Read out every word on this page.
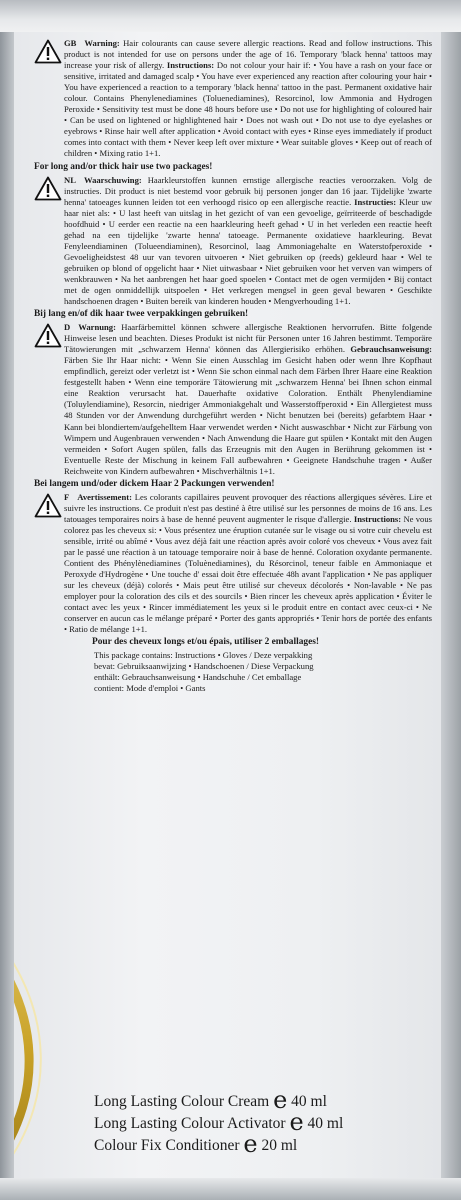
GB Warning: Hair colourants can cause severe allergic reactions. Read and follow instructions. This product is not intended for use on persons under the age of 16. Temporary 'black henna' tattoos may increase your risk of allergy. Instructions: Do not colour your hair if: • You have a rash on your face or sensitive, irritated and damaged scalp • You have ever experienced any reaction after colouring your hair • You have experienced a reaction to a temporary 'black henna' tattoo in the past. Permanent oxidative hair colour. Contains Phenylenediamines (Toluenediamines), Resorcinol, low Ammonia and Hydrogen Peroxide • Sensitivity test must be done 48 hours before use • Do not use for highlighting of coloured hair • Can be used on lightened or highlightened hair • Does not wash out • Do not use to dye eyelashes or eyebrows • Rinse hair well after application • Avoid contact with eyes • Rinse eyes immediately if product comes into contact with them • Never keep left over mixture • Wear suitable gloves • Keep out of reach of children • Mixing ratio 1+1.

For long and/or thick hair use two packages!

NL Waarschuwing: Haarkleurstoffen kunnen ernstige allergische reacties veroorzaken. Volg de instructies. Dit product is niet bestemd voor gebruik bij personen jonger dan 16 jaar. Tijdelijke 'zwarte henna' tatoeages kunnen leiden tot een verhoogd risico op een allergische reactie. Instructies: Kleur uw haar niet als: • U last heeft van uitslag in het gezicht of van een gevoelige, geïrriteerde of beschadigde hoofdhuid • U eerder een reactie na een haarkleuring heeft gehad • U in het verleden een reactie heeft gehad na een tijdelijke 'zwarte henna' tatoeage. Permanente oxidatieve haarkleuring. Bevat Fenyleendiaminen (Tolueendiaminen), Resorcinol, laag Ammoniagehalte en Waterstofperoxide • Gevoeligheidstest 48 uur van tevoren uitvoeren • Niet gebruiken op (reeds) gekleurd haar • Wel te gebruiken op blond of opgelicht haar • Niet uitwasbaar • Niet gebruiken voor het verven van wimpers of wenkbrauwen • Na het aanbrengen het haar goed spoelen • Contact met de ogen vermijden • Bij contact met de ogen onmiddellijk uitspoelen • Het verkregen mengsel in geen geval bewaren • Geschikte handschoenen dragen • Buiten bereik van kinderen houden • Mengverhouding 1+1.

Bij lang en/of dik haar twee verpakkingen gebruiken!

D Warnung: Haarfärbemittel können schwere allergische Reaktionen hervorrufen. Bitte folgende Hinweise lesen und beachten. Dieses Produkt ist nicht für Personen unter 16 Jahren bestimmt. Temporäre Tätowierungen mit „schwarzem Henna' können das Allergierisiko erhöhen. Gebrauchsanweisung: Färben Sie Ihr Haar nicht: • Wenn Sie einen Ausschlag im Gesicht haben oder wenn Ihre Kopfhaut empfindlich, gereizt oder verletzt ist • Wenn Sie schon einmal nach dem Färben Ihrer Haare eine Reaktion festgestellt haben • Wenn eine temporäre Tätowierung mit „schwarzem Henna' bei Ihnen schon einmal eine Reaktion verursacht hat. Dauerhafte oxidative Coloration. Enthält Phenylendiamine (Toluylendiamine), Resorcin, niedriger Ammoniakgehalt und Wasserstoffperoxid • Ein Allergietest muss 48 Stunden vor der Anwendung durchgeführt werden • Nicht benutzen bei (bereits) gefarbtem Haar • Kann bei blondiertem/aufgehelltem Haar verwendet werden • Nicht auswaschbar • Nicht zur Färbung von Wimpern und Augenbrauen verwenden • Nach Anwendung die Haare gut spülen • Kontakt mit den Augen vermeiden • Sofort Augen spülen, falls das Erzeugnis mit den Augen in Berührung gekommen ist • Eventuelle Reste der Mischung in keinem Fall aufbewahren • Geeignete Handschuhe tragen • Außer Reichweite von Kindern aufbewahren • Mischverhältnis 1+1.

Bei langem und/oder dickem Haar 2 Packungen verwenden!

F Avertissement: Les colorants capillaires peuvent provoquer des réactions allergiques sévères. Lire et suivre les instructions. Ce produit n'est pas destiné à être utilisé sur les personnes de moins de 16 ans. Les tatouages temporaires noirs à base de henné peuvent augmenter le risque d'allergie. Instructions: Ne vous colorez pas les cheveux si: • Vous présentez une éruption cutanée sur le visage ou si votre cuir chevelu est sensible, irrité ou abîmé • Vous avez déjà fait une réaction après avoir coloré vos cheveux • Vous avez fait par le passé une réaction à un tatouage temporaire noir à base de henné. Coloration oxydante permanente. Contient des Phénylènediamines (Toluènediamines), du Résorcinol, teneur faible en Ammoniaque et Peroxyde d'Hydrogène • Une touche d' essai doit être effectuée 48h avant l'application • Ne pas appliquer sur les cheveux (déjà) colorés • Mais peut être utilisé sur cheveux décolorés • Non-lavable • Ne pas employer pour la coloration des cils et des sourcils • Bien rincer les cheveux après application • Éviter le contact avec les yeux • Rincer immédiatement les yeux si le produit entre en contact avec ceux-ci • Ne conserver en aucun cas le mélange préparé • Porter des gants appropriés • Tenir hors de portée des enfants • Ratio de mélange 1+1.

Pour des cheveux longs et/ou épais, utiliser 2 emballages!

This package contains: Instructions • Gloves / Deze verpakking
bevat: Gebruiksaanwijzing • Handschoenen / Diese Verpackung
enthält: Gebrauchsanweisung • Handschuhe / Cet emballage
contient: Mode d'emploi • Gants
Long Lasting Colour Cream e 40 ml
Long Lasting Colour Activator e 40 ml
Colour Fix Conditioner e 20 ml
